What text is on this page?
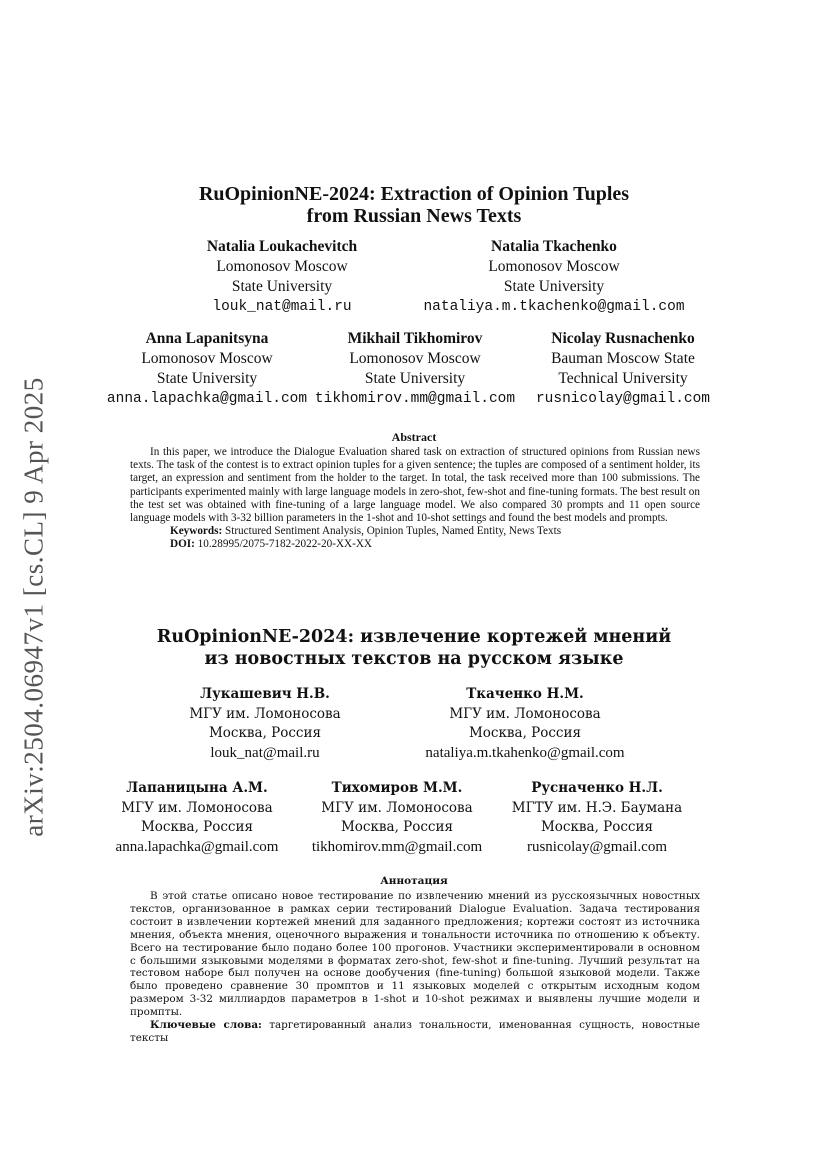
arXiv:2504.06947v1 [cs.CL] 9 Apr 2025
RuOpinionNE-2024: Extraction of Opinion Tuples
from Russian News Texts
Natalia Loukachevitch
Lomonosov Moscow
State University
louk_nat@mail.ru
Natalia Tkachenko
Lomonosov Moscow
State University
nataliya.m.tkachenko@gmail.com
Anna Lapanitsyna
Lomonosov Moscow
State University
anna.lapachka@gmail.com
Mikhail Tikhomirov
Lomonosov Moscow
State University
tikhomirov.mm@gmail.com
Nicolay Rusnachenko
Bauman Moscow State
Technical University
rusnicolay@gmail.com
Abstract

In this paper, we introduce the Dialogue Evaluation shared task on extraction of structured opinions from Russian news texts. The task of the contest is to extract opinion tuples for a given sentence; the tuples are composed of a sentiment holder, its target, an expression and sentiment from the holder to the target. In total, the task received more than 100 submissions. The participants experimented mainly with large language models in zero-shot, few-shot and fine-tuning formats. The best result on the test set was obtained with fine-tuning of a large language model. We also compared 30 prompts and 11 open source language models with 3-32 billion parameters in the 1-shot and 10-shot settings and found the best models and prompts.

Keywords: Structured Sentiment Analysis, Opinion Tuples, Named Entity, News Texts

DOI: 10.28995/2075-7182-2022-20-XX-XX

RuOpinionNE-2024: извлечение кортежей мнений
из новостных текстов на русском языке
Лукашевич Н.В.
МГУ им. Ломоносова
Москва, Россия
louk_nat@mail.ru
Ткаченко Н.М.
МГУ им. Ломоносова
Москва, Россия
nataliya.m.tkahenko@gmail.com
Лапаницына А.М.
МГУ им. Ломоносова
Москва, Россия
anna.lapachka@gmail.com
Тихомиров М.М.
МГУ им. Ломоносова
Москва, Россия
tikhomirov.mm@gmail.com
Русначенко Н.Л.
МГТУ им. Н.Э. Баумана
Москва, Россия
rusnicolay@gmail.com
Аннотация

В этой статье описано новое тестирование по извлечению мнений из русскоязычных новостных текстов, организованное в рамках серии тестирований Dialogue Evaluation. Задача тестирования состоит в извлечении кортежей мнений для заданного предложения; кортежи состоят из источника мнения, объекта мнения, оценочного выражения и тональности источника по отношению к объекту. Всего на тестирование было подано более 100 прогонов. Участники экспериментировали в основном с большими языковыми моделями в форматах zero-shot, few-shot и fine-tuning. Лучший результат на тестовом наборе был получен на основе дообучения (fine-tuning) большой языковой модели. Также было проведено сравнение 30 промптов и 11 языковых моделей с открытым исходным кодом размером 3-32 миллиардов параметров в 1-shot и 10-shot режимах и выявлены лучшие модели и промпты.

Ключевые слова: таргетированный анализ тональности, именованная сущность, новостные тексты
